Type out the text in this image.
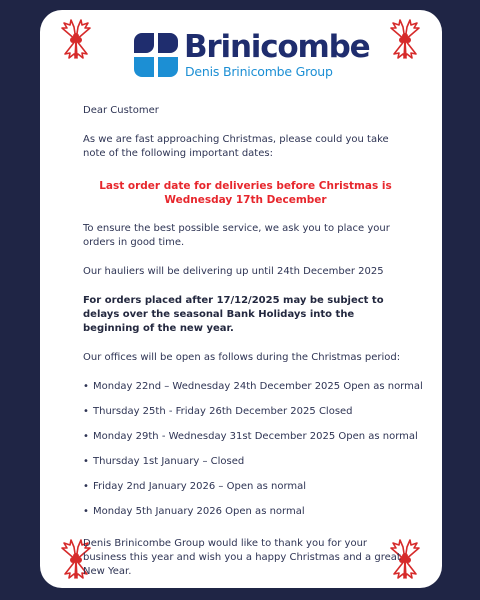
Brinicombe
Denis Brinicombe Group

Dear Customer

As we are fast approaching Christmas, please could you take note of the following important dates:

Last order date for deliveries before Christmas is
Wednesday 17th December

To ensure the best possible service, we ask you to place your orders in good time.

Our hauliers will be delivering up until 24th December 2025

For orders placed after 17/12/2025 may be subject to delays over the seasonal Bank Holidays into the beginning of the new year.

Our offices will be open as follows during the Christmas period:

• Monday 22nd – Wednesday 24th December 2025 Open as normal
• Thursday 25th - Friday 26th December 2025 Closed
• Monday 29th - Wednesday 31st December 2025 Open as normal
• Thursday 1st January – Closed
• Friday 2nd January 2026 – Open as normal
• Monday 5th January 2026 Open as normal

Denis Brinicombe Group would like to thank you for your business this year and wish you a happy Christmas and a great New Year.
